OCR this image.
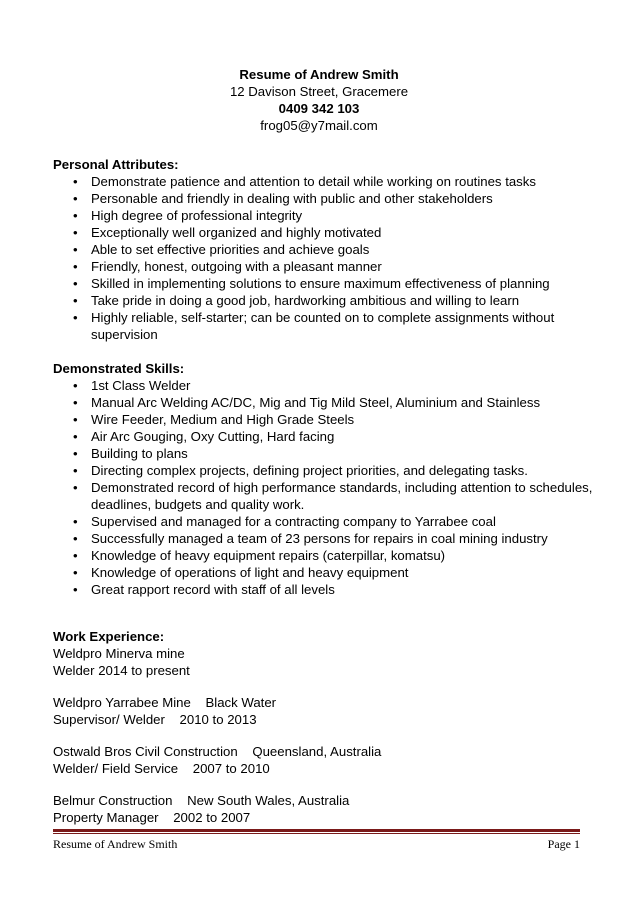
Resume of Andrew Smith
12 Davison Street, Gracemere
0409 342 103
frog05@y7mail.com
Personal Attributes:
• Demonstrate patience and attention to detail while working on routines tasks
• Personable and friendly in dealing with public and other stakeholders
• High degree of professional integrity
• Exceptionally well organized and highly motivated
• Able to set effective priorities and achieve goals
• Friendly, honest, outgoing with a pleasant manner
• Skilled in implementing solutions to ensure maximum effectiveness of planning
• Take pride in doing a good job, hardworking ambitious and willing to learn
• Highly reliable, self-starter; can be counted on to complete assignments without supervision
Demonstrated Skills:
• 1st Class Welder
• Manual Arc Welding AC/DC, Mig and Tig Mild Steel, Aluminium and Stainless
• Wire Feeder, Medium and High Grade Steels
• Air Arc Gouging, Oxy Cutting, Hard facing
• Building to plans
• Directing complex projects, defining project priorities, and delegating tasks.
• Demonstrated record of high performance standards, including attention to schedules, deadlines, budgets and quality work.
• Supervised and managed for a contracting company to Yarrabee coal
• Successfully managed a team of 23 persons for repairs in coal mining industry
• Knowledge of heavy equipment repairs (caterpillar, komatsu)
• Knowledge of operations of light and heavy equipment
• Great rapport record with staff of all levels
Work Experience:
Weldpro Minerva mine
Welder 2014 to present
Weldpro Yarrabee Mine    Black Water
Supervisor/ Welder    2010 to 2013
Ostwald Bros Civil Construction    Queensland, Australia
Welder/ Field Service    2007 to 2010
Belmur Construction    New South Wales, Australia
Property Manager    2002 to 2007
Resume of Andrew Smith	Page 1
